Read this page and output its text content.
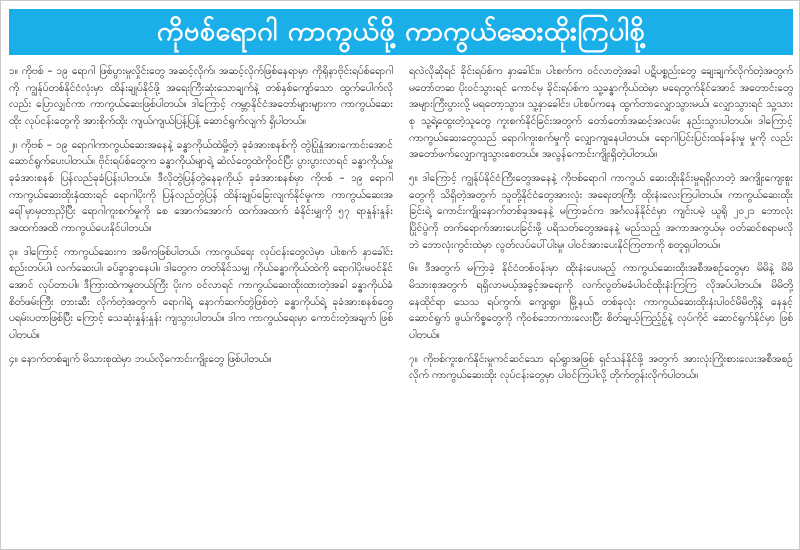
ကိုဗစ်ရောဂါ ကာကွယ်ဖို့ ကာကွယ်ဆေးထိုးကြပါစို့

၁။ ကိုဗစ် – ၁၉ ရောဂါ ဖြစ်ပွားမှုလှိုင်းတွေ အဆင့်လိုက်၊ အဆင့်လိုက်ဖြစ်နေရာမှာ ကိုရိုနာဗိုင်းရပ်စ်ရောဂါကို ကျွန်ုပ်တစ်နိုင်ငံလုံးမှာ ထိန်းချုပ်နိုင်ဖို့ အရေးကြီးဆုံးသောချက်နဲ့ တစ်နှစ်ကျော်သော ထွက်ပေါက်လိုလည်း ပြောလျှင်ကာ ကာကွယ်ဆေးဖြစ်ပါတယ်။ ဒါကြောင့် ကမ္ဘာနိုင်ငံအတော်များများက ကာကွယ်ဆေးထိုး လုပ်ငန်းတွေကို အားစိုက်ထိုး ကျယ်ကျယ်ပြန့်ပြန့် ဆောင်ရွက်လျက် ရှိပါတယ်။

၂။ ကိုဗစ် – ၁၉ ရောဂါကာကွယ်ဆေးအနေနဲ့ ခန္ဓာကိုယ်ထဲမှို့တဲ့ ခုခံအားစနစ်ကို တွဲပြုံနှုံအားကောင်းအောင် ဆောင်ရွက်ပေးပါတယ်။ ဗိုင်းရပ်စ်တွေက ခန္ဓာကိုယ်မျာရဲ့ ဆဲလ်တွေထဲကိုဝင်ပြီး ပွားပွားလာရင် ခန္ဓာကိုယ်မှု ခုခံအားစနစ် ပြန်လည်ခုခံပြန်းပါတယ်။ ဒီလိုတွဲပြန်တွဲနေခုကိုယ့် ခုခံအားစနစ်မှာ ကိုဗစ် – ၁၉ ရောဂါ ကာကွယ်ဆေးထိုးနှံထားရင် ရောဂါပိုးကို ပြန်လည်တွဲပြန် ထိန်းချုပ်ခြေးလျက်နိုင်မှုကာ ကာကွယ်ဆေးအရေါ်မှာမှတာညှိပြီး ရောဂါကူးစက်မှုကို စေ အောက်အောက် ထက်အထက် ခံနိုင်းမျှကို ၅၇ ရာနှုန်းနှုန်းအထက်အထိ ကာကွယ်ပေးနိုင်ပါတယ်။

၃။ ဒါကြောင့် ကာကွယ်ဆေးက အမိကဖြစ်ပါတယ်၊ ကာကွယ်ရေး လုပ်ငန်းတွေလဲမှာ ပါးစက် နှာခေါင်းစည်းတပ်ပါ၊ လက်ဆေးပါ၊ ခပ်ခွာခွာနေပါ။ ဒါတွေက တတ်နိုင်သမျှ ကိုယ်ခန္ဓာကိုယ်ထဲကို ရောဂါပိုးမဝင်နိုင်အောင် လုပ်တာပါ။ ဒီကြားထဲကမှုတယ်ကြီး ပိုးက ဝင်လာရင် ကာကွယ်ဆေးထိုးထားတဲ့အခါ ခန္ဓာကိုယ်ခံစိတ်ဖမ်းကြီး တားဆီး လိုက်တဲ့အတွက် ရောဂါရဲ့ နောက်ဆက်တွဲဖြစ်တဲ့ ခန္ဓာကိုယ်ရဲ့ ခုခံအားစနစ်တွေ ပရမ်းပတာဖြစ်ပြီး ကြောင့် သေဆုံးနှုန်းနှုန်း ကျသွားပါတယ်။ ဒါက ကာကွယ်ရေးမှာ ကောင်းတဲ့အချက် ဖြစ်ပါတယ်။

၄။ နောက်တစ်ချက် မိသားစုထဲမှာ ဘယ်လိုကောင်းကျိုးတွေ ဖြစ်ပါတယ်။

ရလဲလိုဆိုရင် ခိုင်းရပ်စ်က နှာခေါင်း။ ပါးစက်က ဝင်လာတဲ့အခါ ပဋိပစ္စည်းတွေ ချေးချက်လိုက်တဲ့အတွက် မတော်တဆ ပိုးဝင်သွားရင် ကောင်မှ ခိုင်းရပ်စ်က သူ့ခန္ဓာကိုယ်ထဲမှာ မရေတွက်နိုင်အောင် အတောင်းတွေ အများကြီးပွားလို့ မရတော့သွား။ သူ့နှာခေါင်း၊ ပါးစပ်ကနေ ထွက်တာလျှောသွားမယ်၊ လျှောသွားရင် သူ့သားစု သူ့ရဲ့ထွေးတဲ့သူတွေ ကူးစက်နိုင်ခြင်းအတွက် တော်တော်အဆင့်အလမ်း နည်းသွားပါတယ်။ ဒါကြောင့် ကာကွယ်ဆေးတွေသည် ရောဂါကူးစက်မှုကို လျှောကျနေပါတယ်။ ရောဂါပြင်းပြင်းထန်ခန်းမှု မှုကို လည်း အတော်ဖက်လျှောကျသွားစေတယ်။ အလွန်ကောင်းကျိုးရှိတဲ့ပါတယ်။

၅။ ဒါကြောင့် ကျွန်ုပ်နိုင်ငံကြီးတွေအနေနဲ့ ကိုဗစ်ရောဂါ ကာကွယ် ဆေးထိုးနိုင်းမှုရရှိလာတဲ့ အကျိုးကျေးစူးတွေကို သိရှိတဲ့အတွက် သူတို့နိုင်ငံတွေအားလုံး အရေးတကြီး ထိုးနံးလေးကြပါတယ်။ ကာကွယ်ဆေးထိုးခြင်းရဲ့ ကောင်းကျိုးနောက်တစ်ခုအနေနဲ့ မကြာခင်က အင်္ဂလန်နိုင်ငံမှာ ကျင်းပမဲ့ ယူရို ၂၀၂၁ ဘောလုံး ပြိုင်ပွဲကို တက်ရောက်အားပေးခြင်းဖို့ ပရိသတ်တွေအနေနဲ့ မည်သည့် အကာအကွယ်မှ ဝတ်ဆင်စရာမလိုဘဲ ဘောလုံးကွင်းထဲမှာ လွတ်လပ်ပေါ်ပါးမှု၊ ပါဝင်အားပေးနိုင်ကြတာကို စတူရှပါတယ်။

၆။ ဒီအတွက် မကြာခဲ့ နိုင်ငံတစ်ဝန်းမှာ ထိုးနံးပေးမည့် ကာကွယ်ဆေးထိုးအစီအစဉ်တွေမှာ မိမိနဲ့ မိမိ မိသားစုအတွက် ရရှိလာမယ့်အခွင့်အရေးကို လက်လွတ်မခံပါဝင်ထိုးနံးကြကြ လိုအပ်ပါတယ်။ မိမိတို့ နေထိုင်ရာ သေသ ရပ်ကွက်၊ ကျေးရွာ၊ မြို့နယ် တစ်ခုလုံး ကာကွယ်ဆေးထိုးနံးပါဝင်မိမိတို့နဲ့ နေနှင့်ဆောင်ရွက် ဖွယ်ကိစ္စတွေကို ကိုဝစ်ဘောကားလေးပြီး စိတ်ချယ့်ကြည့်ဉ့်နဲ့ လုပ်ကိုင် ဆောင်ရွက်နိုင်မှာ ဖြစ်ပါတယ်။

၇။ ကိုဗစ်ကူးစက်နိုင်းမှုကင်ဆင်သော ရပ်ရွာအဖြစ် ရှင်သန်နိုင်ဖို့ အတွက် အားလုံးကြိုးစားလေးအစီအစဉ်လိုက် ကာကွယ်ဆေးထိုး လုပ်ငန်းတွေမှာ ပါဝင်ကြပါလို့ တိုက်တွန်းလိုက်ပါတယ်။
